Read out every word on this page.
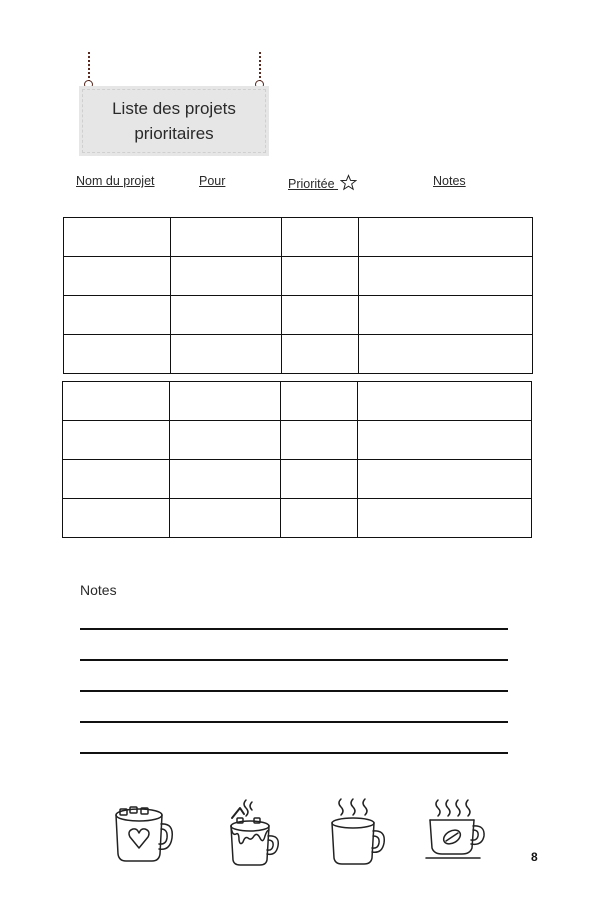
Liste des projets
prioritaires
Nom du projet	Pour	Prioritée	Notes

Notes
8
